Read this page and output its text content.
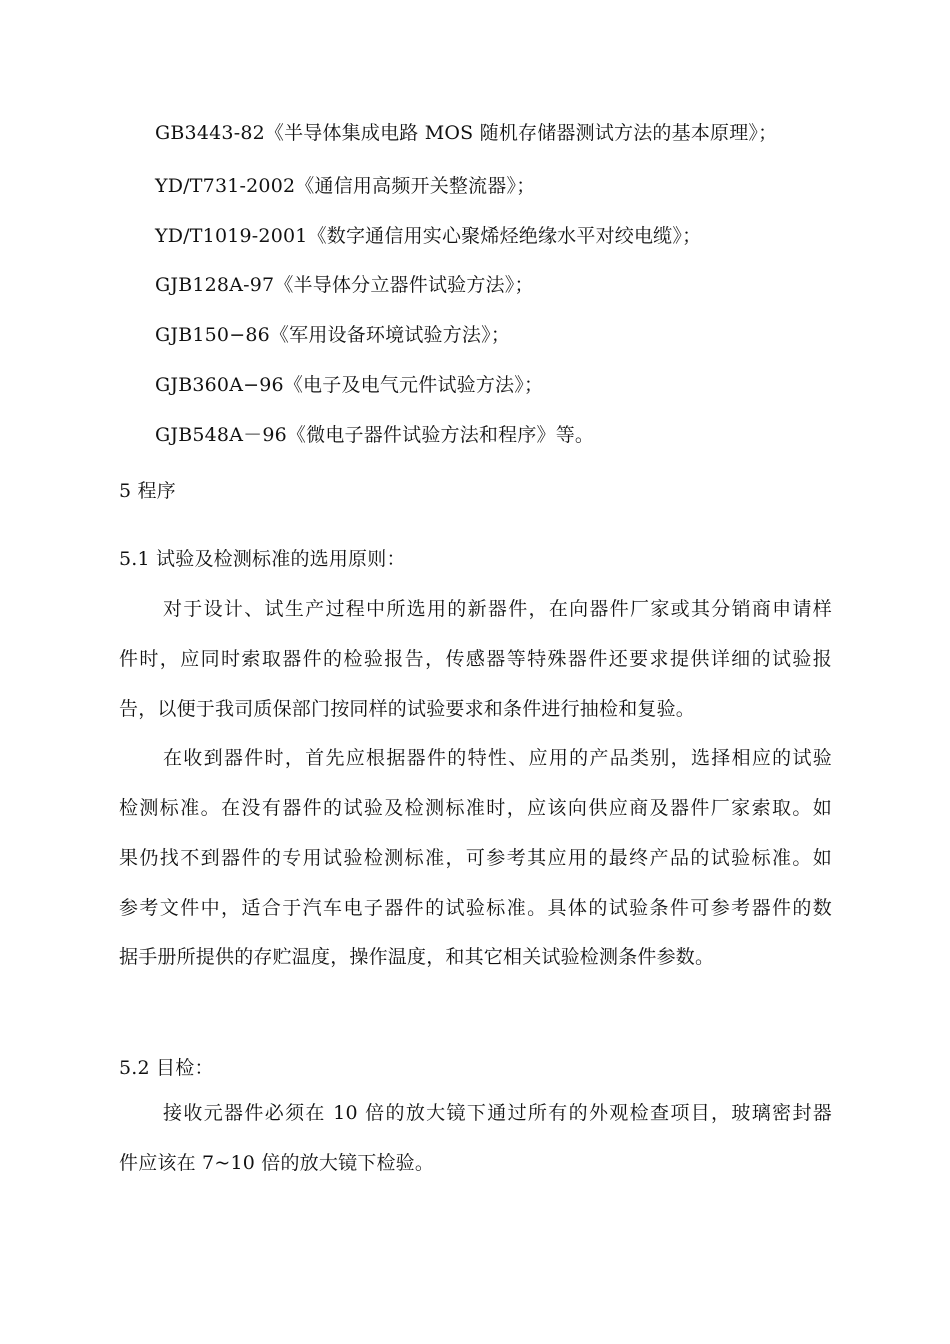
GB3443-82《半导体集成电路 MOS 随机存储器测试方法的基本原理》；
YD/T731-2002《通信用高频开关整流器》；
YD/T1019-2001《数字通信用实心聚烯烃绝缘水平对绞电缆》；
GJB128A-97《半导体分立器件试验方法》；
GJB150−86《军用设备环境试验方法》；
GJB360A−96《电子及电气元件试验方法》；
GJB548A－96《微电子器件试验方法和程序》等。
5 程序
5.1 试验及检测标准的选用原则：
对于设计、试生产过程中所选用的新器件，在向器件厂家或其分销商申请样
件时，应同时索取器件的检验报告，传感器等特殊器件还要求提供详细的试验报
告，以便于我司质保部门按同样的试验要求和条件进行抽检和复验。
在收到器件时，首先应根据器件的特性、应用的产品类别，选择相应的试验
检测标准。在没有器件的试验及检测标准时，应该向供应商及器件厂家索取。如
果仍找不到器件的专用试验检测标准，可参考其应用的最终产品的试验标准。如
参考文件中，适合于汽车电子器件的试验标准。具体的试验条件可参考器件的数
据手册所提供的存贮温度，操作温度，和其它相关试验检测条件参数。
5.2 目检：
接收元器件必须在 10 倍的放大镜下通过所有的外观检查项目，玻璃密封器
件应该在 7~10 倍的放大镜下检验。
